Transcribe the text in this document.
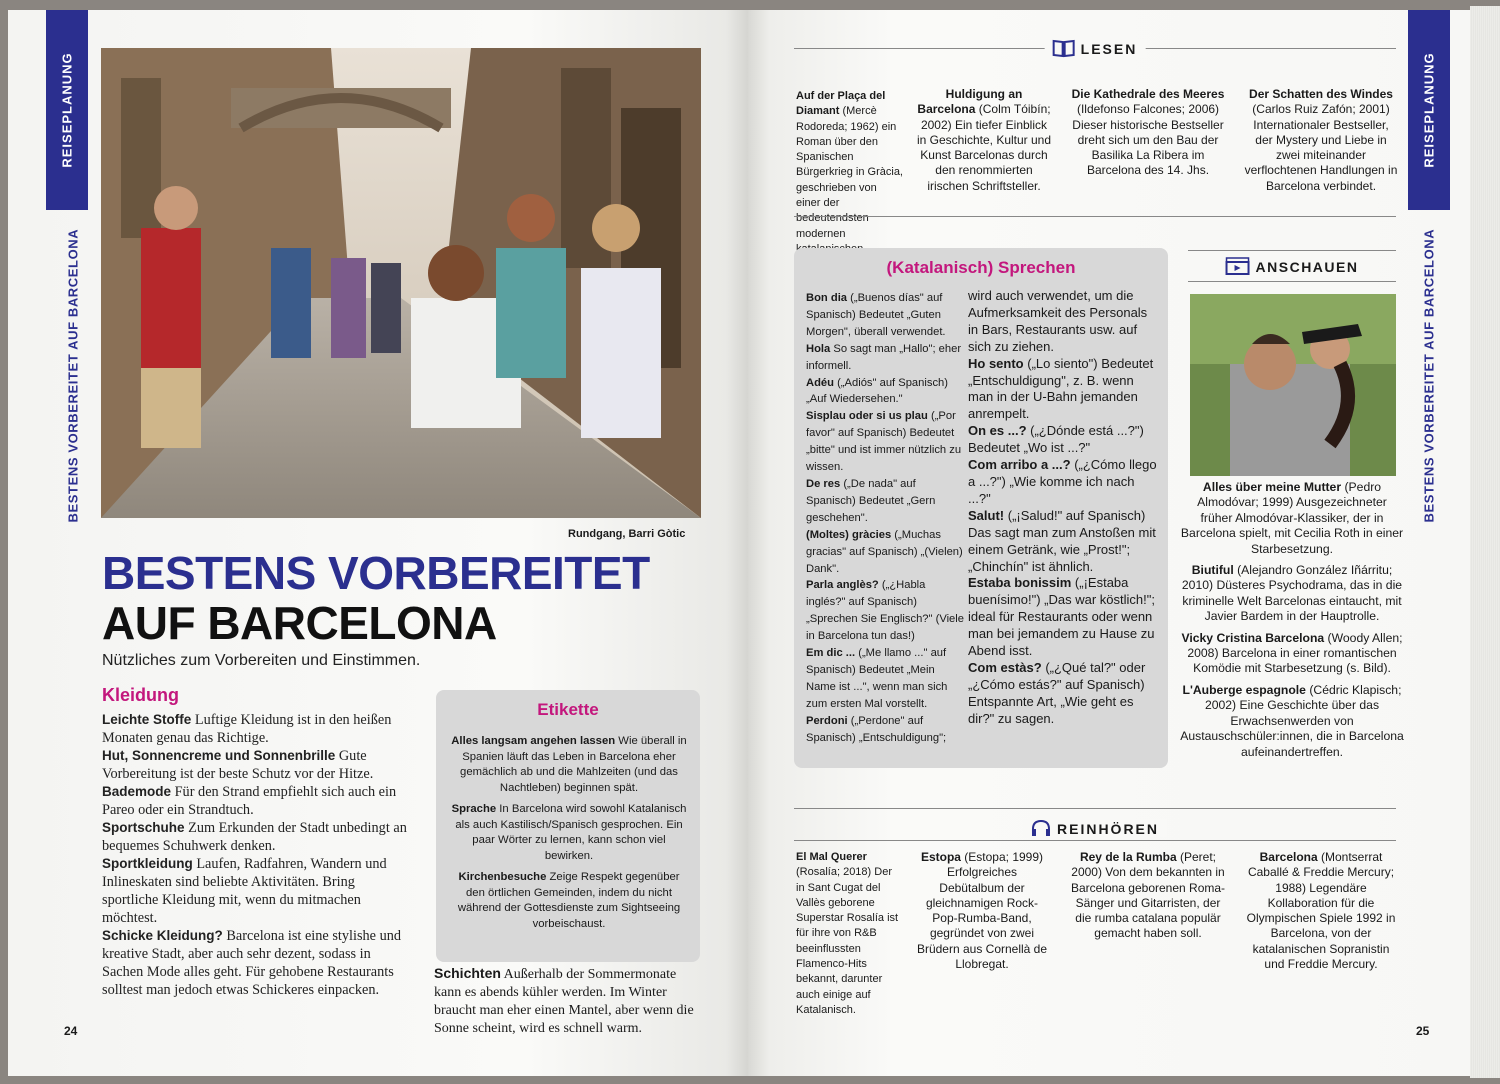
REISEPLANUNG
BESTENS VORBEREITET AUF BARCELONA
Rundgang, Barri Gòtic
BESTENS VORBEREITET
AUF BARCELONA
Nützliches zum Vorbereiten und Einstimmen.
Kleidung
Leichte Stoffe Luftige Kleidung ist in den heißen Monaten genau das Richtige.
Hut, Sonnencreme und Sonnenbrille Gute Vorbereitung ist der beste Schutz vor der Hitze.
Bademode Für den Strand empfiehlt sich auch ein Pareo oder ein Strandtuch.
Sportschuhe Zum Erkunden der Stadt unbedingt an bequemes Schuhwerk denken.
Sportkleidung Laufen, Radfahren, Wandern und Inlineskaten sind beliebte Aktivitäten. Bring sportliche Kleidung mit, wenn du mitmachen möchtest.
Schicke Kleidung? Barcelona ist eine stylishe und kreative Stadt, aber auch sehr dezent, sodass in Sachen Mode alles geht. Für gehobene Restaurants solltest man jedoch etwas Schickeres einpacken.
Etikette

Alles langsam angehen lassen Wie überall in Spanien läuft das Leben in Barcelona eher gemächlich ab und die Mahlzeiten (und das Nachtleben) beginnen spät.

Sprache In Barcelona wird sowohl Katalanisch als auch Kastilisch/Spanisch gesprochen. Ein paar Wörter zu lernen, kann schon viel bewirken.

Kirchenbesuche Zeige Respekt gegenüber den örtlichen Gemeinden, indem du nicht während der Gottesdienste zum Sightseeing vorbeischaust.

Schichten Außerhalb der Sommermonate kann es abends kühler werden. Im Winter braucht man eher einen Mantel, aber wenn die Sonne scheint, wird es schnell warm.
24
REISEPLANUNG
BESTENS VORBEREITET AUF BARCELONA
LESEN
Auf der Plaça del Diamant (Mercè Rodoreda; 1962) ein Roman über den Spanischen Bürgerkrieg in Gràcia, geschrieben von einer der bedeutendsten modernen
Huldigung an Barcelona (Colm Tóibín; 2002) Ein tiefer Einblick in Geschichte, Kultur und Kunst Barcelonas durch den renommierten irischen Schriftsteller.
Die Kathedrale des Meeres (Ildefonso Falcones; 2006) Dieser historische Bestseller dreht sich um den Bau der Basilika La Ribera im Barcelona des 14. Jhs.
Der Schatten des Windes (Carlos Ruiz Zafón; 2001) Internationaler Bestseller, der Mystery und Liebe in zwei miteinander verflochtenen Handlungen in Barcelona verbindet.
(Katalanisch) Sprechen
Bon dia („Buenos días" auf Spanisch) Bedeutet „Guten Morgen", überall verwendet.
Hola So sagt man „Hallo"; eher informell.
Adéu („Adiós" auf Spanisch) „Auf Wiedersehen."
Sisplau oder si us plau („Por favor" auf Spanisch) Bedeutet „bitte" und ist immer nützlich zu wissen.
De res („De nada" auf Spanisch) Bedeutet „Gern geschehen".
(Moltes) gràcies („Muchas gracias" auf Spanisch) „(Vielen) Dank".
Parla anglès? („¿Habla inglés?" auf Spanisch) „Sprechen Sie Englisch?" (Viele in Barcelona tun das!)
Em dic ... („Me llamo ..." auf Spanisch) Bedeutet „Mein Name ist ...", wenn man sich zum ersten Mal vorstellt.
Perdoni („Perdone" auf Spanisch) „Entschuldigung";
wird auch verwendet, um die Aufmerksamkeit des Personals in Bars, Restaurants usw. auf sich zu ziehen.
Ho sento („Lo siento") Bedeutet „Entschuldigung", z. B. wenn man in der U-Bahn jemanden anrempelt.
On es ...? („¿Dónde está ...?") Bedeutet „Wo ist ...?"
Com arribo a ...? („¿Cómo llego a ...?") „Wie komme ich nach ...?"
Salut! („¡Salud!" auf Spanisch) Das sagt man zum Anstoßen mit einem Getränk, wie „Prost!"; „Chinchín" ist ähnlich.
Estaba bonissim („¡Estaba buenísimo!") „Das war köstlich!"; ideal für Restaurants oder wenn man bei jemandem zu Hause zu Abend isst.
Com estàs? („¿Qué tal?" oder „¿Cómo estás?" auf Spanisch) Entspannte Art, „Wie geht es dir?" zu sagen.
ANSCHAUEN

Alles über meine Mutter (Pedro Almodóvar; 1999) Ausgezeichneter früher Almodóvar-Klassiker, der in Barcelona spielt, mit Cecilia Roth in einer Starbesetzung.

Biutiful (Alejandro González Iñárritu; 2010) Düsteres Psychodrama, das in die kriminelle Welt Barcelonas eintaucht, mit Javier Bardem in der Hauptrolle.

Vicky Cristina Barcelona (Woody Allen; 2008) Barcelona in einer romantischen Komödie mit Starbesetzung (s. Bild).

L'Auberge espagnole (Cédric Klapisch; 2002) Eine Geschichte über das Erwachsenwerden von Austauschschüler:innen, die in Barcelona aufeinandertreffen.

REINHÖREN
El Mal Querer (Rosalía; 2018) Der in Sant Cugat del Vallès geborene Superstar Rosalía ist für ihre von R&B beeinflussten Flamenco-Hits bekannt, darunter auch einige auf Katalanisch.
Estopa (Estopa; 1999) Erfolgreiches Debütalbum der gleichnamigen Rock-Pop-Rumba-Band, gegründet von zwei Brüdern aus Cornellà de Llobregat.
Rey de la Rumba (Peret; 2000) Von dem bekannten in Barcelona geborenen Roma-Sänger und Gitarristen, der die rumba catalana populär gemacht haben soll.
Barcelona (Montserrat Caballé & Freddie Mercury; 1988) Legendäre Kollaboration für die Olympischen Spiele 1992 in Barcelona, von der katalanischen Sopranistin und Freddie Mercury.
25
